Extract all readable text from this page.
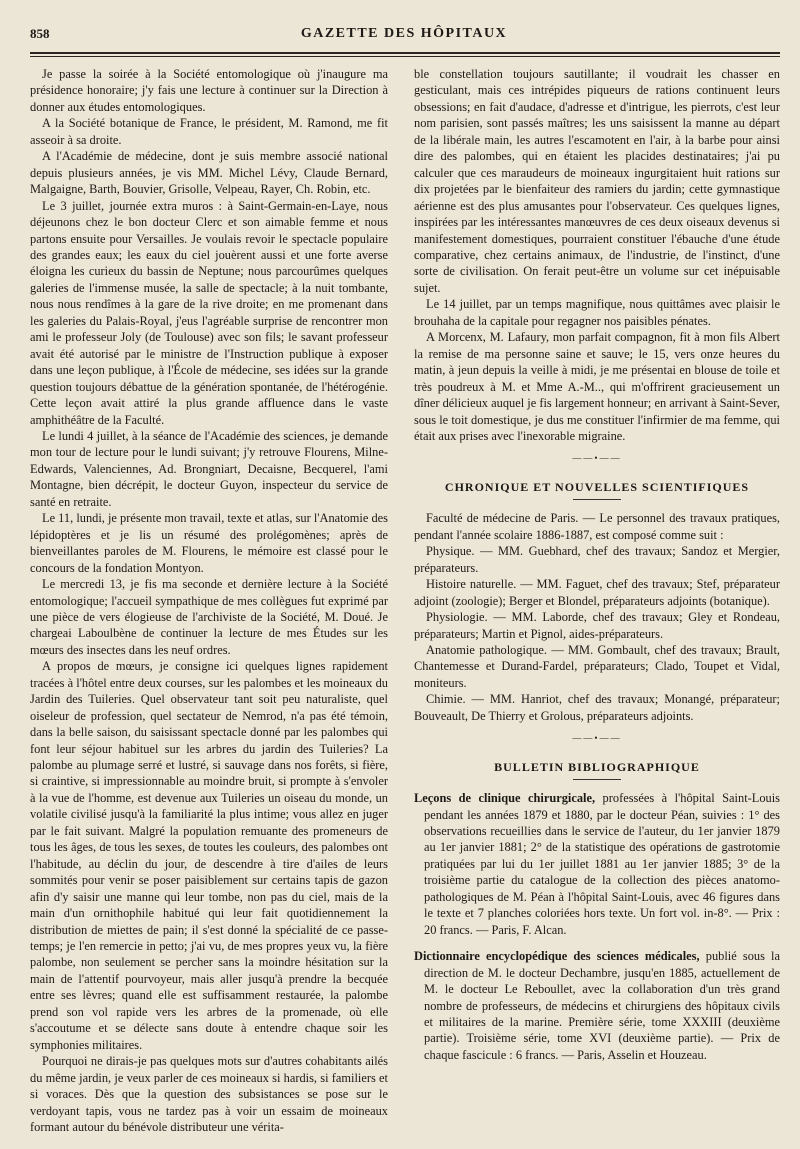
858	GAZETTE DES HÔPITAUX

Je passe la soirée à la Société entomologique où j'inaugure ma présidence honoraire; j'y fais une lecture à continuer sur la Direction à donner aux études entomologiques.

A la Société botanique de France, le président, M. Ramond, me fit asseoir à sa droite.

A l'Académie de médecine, dont je suis membre associé national depuis plusieurs années, je vis MM. Michel Lévy, Claude Bernard, Malgaigne, Barth, Bouvier, Grisolle, Velpeau, Rayer, Ch. Robin, etc.

Le 3 juillet, journée extra muros : à Saint-Germain-en-Laye, nous déjeunons chez le bon docteur Clerc et son aimable femme et nous partons ensuite pour Versailles. Je voulais revoir le spectacle populaire des grandes eaux; les eaux du ciel jouèrent aussi et une forte averse éloigna les curieux du bassin de Neptune; nous parcourûmes quelques galeries de l'immense musée, la salle de spectacle; à la nuit tombante, nous nous rendîmes à la gare de la rive droite; en me promenant dans les galeries du Palais-Royal, j'eus l'agréable surprise de rencontrer mon ami le professeur Joly (de Toulouse) avec son fils; le savant professeur avait été autorisé par le ministre de l'Instruction publique à exposer dans une leçon publique, à l'École de médecine, ses idées sur la grande question toujours débattue de la génération spontanée, de l'hétérogénie. Cette leçon avait attiré la plus grande affluence dans le vaste amphithéâtre de la Faculté.

Le lundi 4 juillet, à la séance de l'Académie des sciences, je demande mon tour de lecture pour le lundi suivant; j'y retrouve Flourens, Milne-Edwards, Valenciennes, Ad. Brongniart, Decaisne, Becquerel, l'ami Montagne, bien décrépit, le docteur Guyon, inspecteur du service de santé en retraite.

Le 11, lundi, je présente mon travail, texte et atlas, sur l'Anatomie des lépidoptères et je lis un résumé des prolégomènes; après de bienveillantes paroles de M. Flourens, le mémoire est classé pour le concours de la fondation Montyon.

Le mercredi 13, je fis ma seconde et dernière lecture à la Société entomologique; l'accueil sympathique de mes collègues fut exprimé par une pièce de vers élogieuse de l'archiviste de la Société, M. Doué. Je chargeai Laboulbène de continuer la lecture de mes Études sur les mœurs des insectes dans les neuf ordres.

A propos de mœurs, je consigne ici quelques lignes rapidement tracées à l'hôtel entre deux courses, sur les palombes et les moineaux du Jardin des Tuileries. Quel observateur tant soit peu naturaliste, quel oiseleur de profession, quel sectateur de Nemrod, n'a pas été témoin, dans la belle saison, du saisissant spectacle donné par les palombes qui font leur séjour habituel sur les arbres du jardin des Tuileries? La palombe au plumage serré et lustré, si sauvage dans nos forêts, si fière, si craintive, si impressionnable au moindre bruit, si prompte à s'envoler à la vue de l'homme, est devenue aux Tuileries un oiseau du monde, un volatile civilisé jusqu'à la familiarité la plus intime; vous allez en juger par le fait suivant. Malgré la population remuante des promeneurs de tous les âges, de tous les sexes, de toutes les couleurs, des palombes ont l'habitude, au déclin du jour, de descendre à tire d'ailes de leurs sommités pour venir se poser paisiblement sur certains tapis de gazon afin d'y saisir une manne qui leur tombe, non pas du ciel, mais de la main d'un ornithophile habitué qui leur fait quotidiennement la distribution de miettes de pain; il s'est donné la spécialité de ce passe-temps; je l'en remercie in petto; j'ai vu, de mes propres yeux vu, la fière palombe, non seulement se percher sans la moindre hésitation sur la main de l'attentif pourvoyeur, mais aller jusqu'à prendre la becquée entre ses lèvres; quand elle est suffisamment restaurée, la palombe prend son vol rapide vers les arbres de la promenade, où elle s'accoutume et se délecte sans doute à entendre chaque soir les symphonies militaires.

Pourquoi ne dirais-je pas quelques mots sur d'autres cohabitants ailés du même jardin, je veux parler de ces moineaux si hardis, si familiers et si voraces. Dès que la question des subsistances se pose sur le verdoyant tapis, vous ne tardez pas à voir un essaim de moineaux formant autour du bénévole distributeur une vérita-

ble constellation toujours sautillante; il voudrait les chasser en gesticulant, mais ces intrépides piqueurs de rations continuent leurs obsessions; en fait d'audace, d'adresse et d'intrigue, les pierrots, c'est leur nom parisien, sont passés maîtres; les uns saisissent la manne au départ de la libérale main, les autres l'escamotent en l'air, à la barbe pour ainsi dire des palombes, qui en étaient les placides destinataires; j'ai pu calculer que ces maraudeurs de moineaux ingurgitaient huit rations sur dix projetées par le bienfaiteur des ramiers du jardin; cette gymnastique aérienne est des plus amusantes pour l'observateur. Ces quelques lignes, inspirées par les intéressantes manœuvres de ces deux oiseaux devenus si manifestement domestiques, pourraient constituer l'ébauche d'une étude comparative, chez certains animaux, de l'industrie, de l'instinct, d'une sorte de civilisation. On ferait peut-être un volume sur cet inépuisable sujet.

Le 14 juillet, par un temps magnifique, nous quittâmes avec plaisir le brouhaha de la capitale pour regagner nos paisibles pénates.

A Morcenx, M. Lafaury, mon parfait compagnon, fit à mon fils Albert la remise de ma personne saine et sauve; le 15, vers onze heures du matin, à jeun depuis la veille à midi, je me présentai en blouse de toile et très poudreux à M. et Mme A.-M.., qui m'offrirent gracieusement un dîner délicieux auquel je fis largement honneur; en arrivant à Saint-Sever, sous le toit domestique, je dus me constituer l'infirmier de ma femme, qui était aux prises avec l'inexorable migraine.

——•——

CHRONIQUE ET NOUVELLES SCIENTIFIQUES

Faculté de médecine de Paris. — Le personnel des travaux pratiques, pendant l'année scolaire 1886-1887, est composé comme suit :

Physique. — MM. Guebhard, chef des travaux; Sandoz et Mergier, préparateurs.

Histoire naturelle. — MM. Faguet, chef des travaux; Stef, préparateur adjoint (zoologie); Berger et Blondel, préparateurs adjoints (botanique).

Physiologie. — MM. Laborde, chef des travaux; Gley et Rondeau, préparateurs; Martin et Pignol, aides-préparateurs.

Anatomie pathologique. — MM. Gombault, chef des travaux; Brault, Chantemesse et Durand-Fardel, préparateurs; Clado, Toupet et Vidal, moniteurs.

Chimie. — MM. Hanriot, chef des travaux; Monangé, préparateur; Bouveault, De Thierry et Grolous, préparateurs adjoints.

——•——

BULLETIN BIBLIOGRAPHIQUE

Leçons de clinique chirurgicale, professées à l'hôpital Saint-Louis pendant les années 1879 et 1880, par le docteur Péan, suivies : 1° des observations recueillies dans le service de l'auteur, du 1er janvier 1879 au 1er janvier 1881; 2° de la statistique des opérations de gastrotomie pratiquées par lui du 1er juillet 1881 au 1er janvier 1885; 3° de la troisième partie du catalogue de la collection des pièces anatomo-pathologiques de M. Péan à l'hôpital Saint-Louis, avec 46 figures dans le texte et 7 planches coloriées hors texte. Un fort vol. in-8°. — Prix : 20 francs. — Paris, F. Alcan.

Dictionnaire encyclopédique des sciences médicales, publié sous la direction de M. le docteur Dechambre, jusqu'en 1885, actuellement de M. le docteur Le Reboullet, avec la collaboration d'un très grand nombre de professeurs, de médecins et chirurgiens des hôpitaux civils et militaires de la marine. Première série, tome XXXIII (deuxième partie). Troisième série, tome XVI (deuxième partie). — Prix de chaque fascicule : 6 francs. — Paris, Asselin et Houzeau.
